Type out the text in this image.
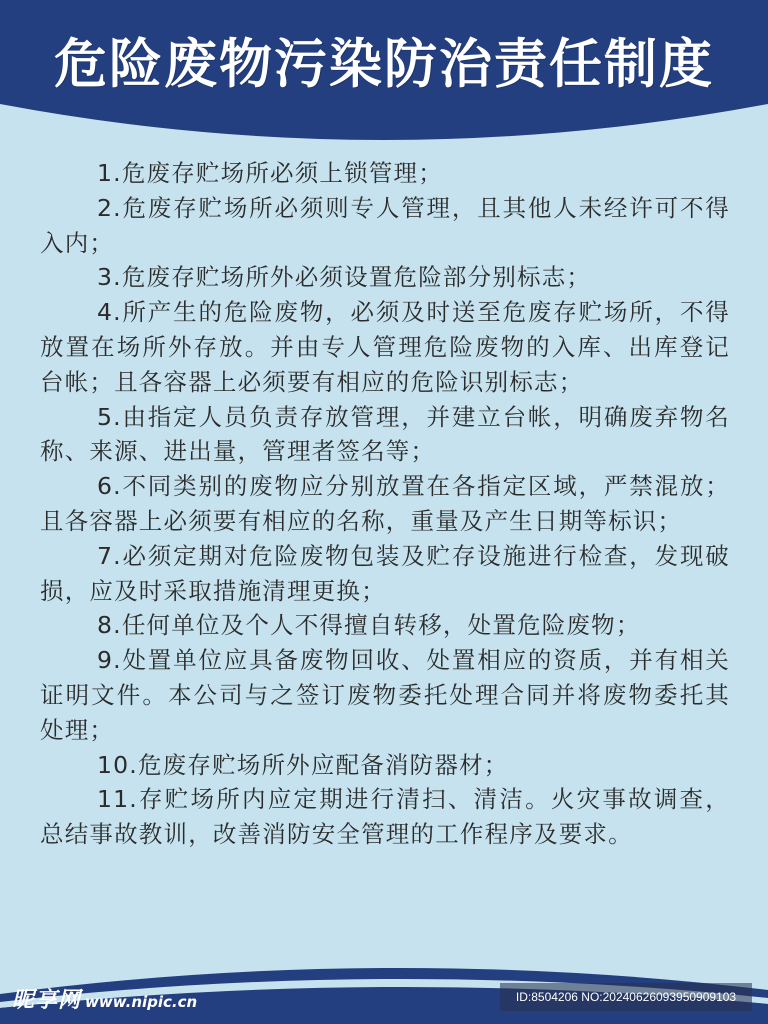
危险废物污染防治责任制度

1.危废存贮场所必须上锁管理；

2.危废存贮场所必须则专人管理，且其他人未经许可不得入内；

3.危废存贮场所外必须设置危险部分别标志；

4.所产生的危险废物，必须及时送至危废存贮场所，不得放置在场所外存放。并由专人管理危险废物的入库、出库登记台帐；且各容器上必须要有相应的危险识别标志；

5.由指定人员负责存放管理，并建立台帐，明确废弃物名称、来源、进出量，管理者签名等；

6.不同类别的废物应分别放置在各指定区域，严禁混放；且各容器上必须要有相应的名称，重量及产生日期等标识；

7.必须定期对危险废物包装及贮存设施进行检查，发现破损，应及时采取措施清理更换；

8.任何单位及个人不得擅自转移，处置危险废物；

9.处置单位应具备废物回收、处置相应的资质，并有相关证明文件。本公司与之签订废物委托处理合同并将废物委托其处理；

10.危废存贮场所外应配备消防器材；

11.存贮场所内应定期进行清扫、清洁。火灾事故调查，总结事故教训，改善消防安全管理的工作程序及要求。

昵享网 www.nipic.cn	ID:8504206 NO:20240626093950909103
